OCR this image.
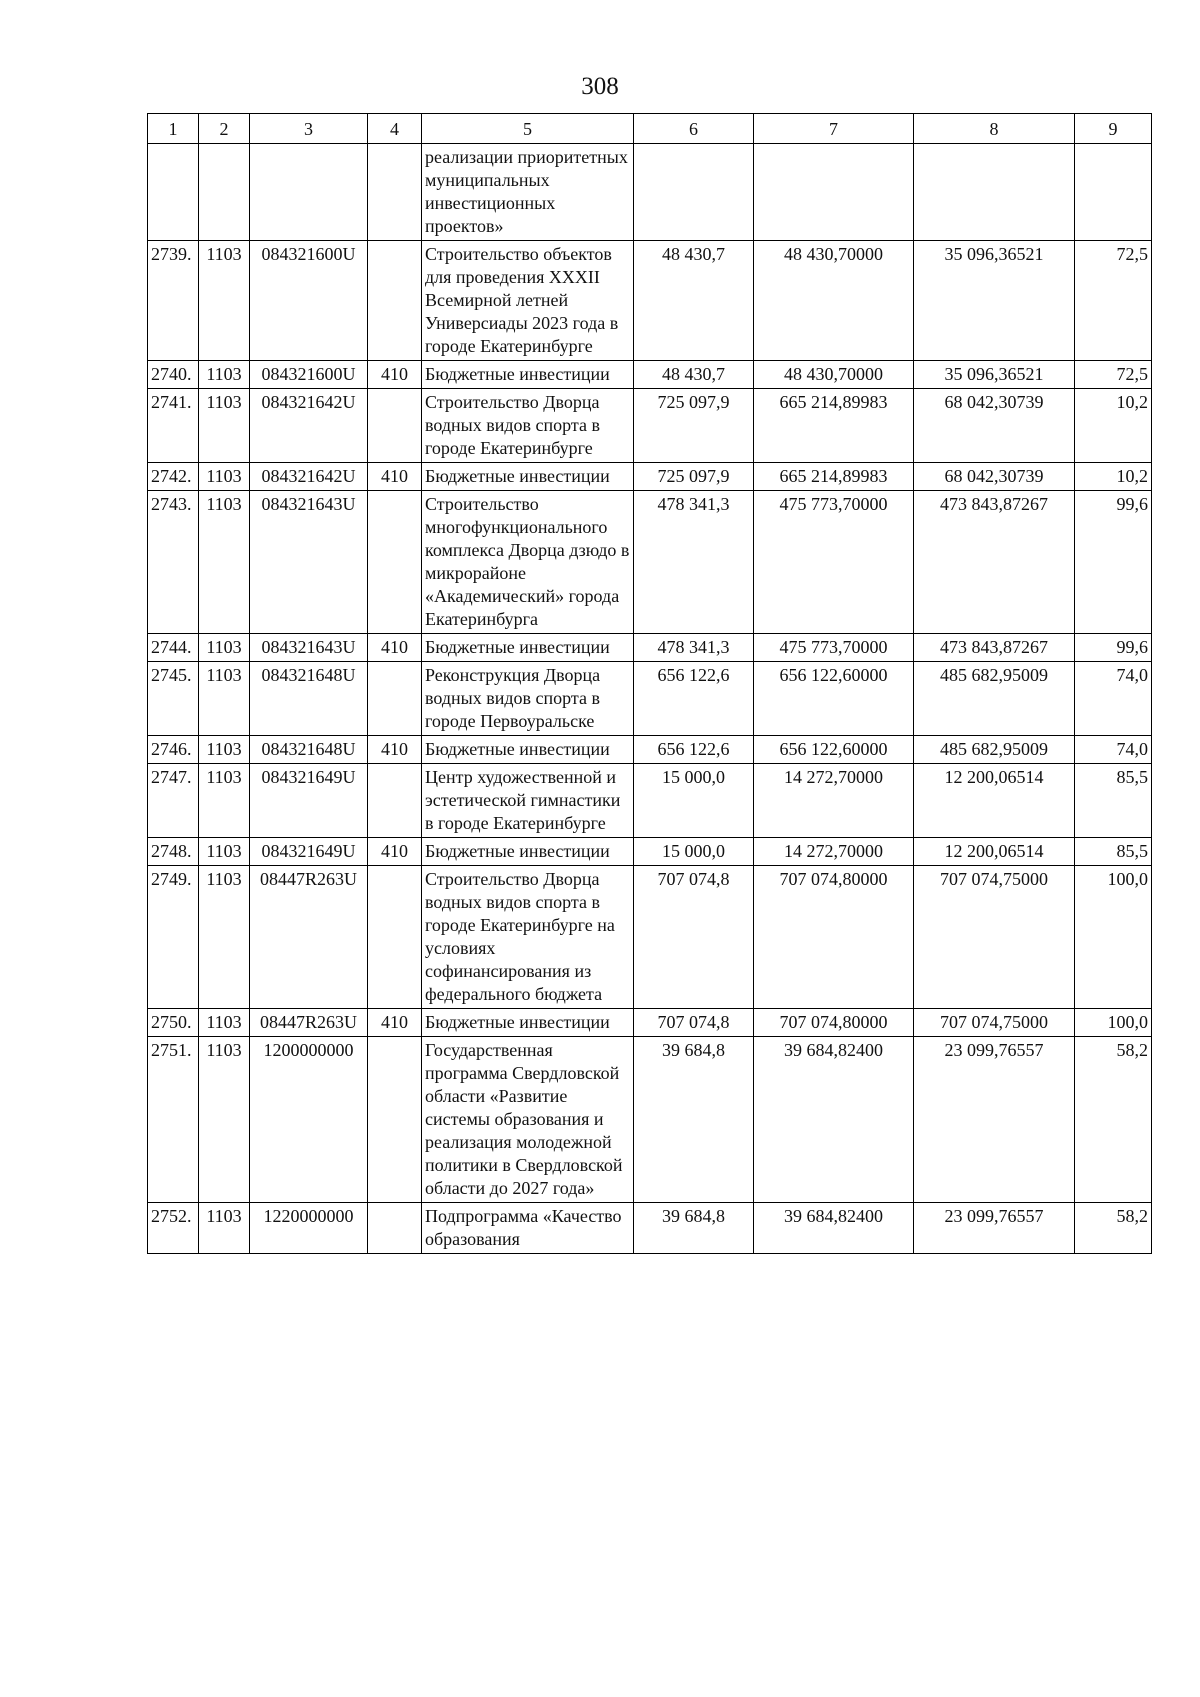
308
1	2	3	4	5	6	7	8	9
				реализации приоритетных муниципальных инвестиционных проектов»				
2739.	1103	084321600U		Строительство объектов для проведения XXXII Всемирной летней Универсиады 2023 года в городе Екатеринбурге	48 430,7	48 430,70000	35 096,36521	72,5
2740.	1103	084321600U	410	Бюджетные инвестиции	48 430,7	48 430,70000	35 096,36521	72,5
2741.	1103	084321642U		Строительство Дворца водных видов спорта в городе Екатеринбурге	725 097,9	665 214,89983	68 042,30739	10,2
2742.	1103	084321642U	410	Бюджетные инвестиции	725 097,9	665 214,89983	68 042,30739	10,2
2743.	1103	084321643U		Строительство многофункционального комплекса Дворца дзюдо в микрорайоне «Академический» города Екатеринбурга	478 341,3	475 773,70000	473 843,87267	99,6
2744.	1103	084321643U	410	Бюджетные инвестиции	478 341,3	475 773,70000	473 843,87267	99,6
2745.	1103	084321648U		Реконструкция Дворца водных видов спорта в городе Первоуральске	656 122,6	656 122,60000	485 682,95009	74,0
2746.	1103	084321648U	410	Бюджетные инвестиции	656 122,6	656 122,60000	485 682,95009	74,0
2747.	1103	084321649U		Центр художественной и эстетической гимнастики в городе Екатеринбурге	15 000,0	14 272,70000	12 200,06514	85,5
2748.	1103	084321649U	410	Бюджетные инвестиции	15 000,0	14 272,70000	12 200,06514	85,5
2749.	1103	08447R263U		Строительство Дворца водных видов спорта в городе Екатеринбурге на условиях софинансирования из федерального бюджета	707 074,8	707 074,80000	707 074,75000	100,0
2750.	1103	08447R263U	410	Бюджетные инвестиции	707 074,8	707 074,80000	707 074,75000	100,0
2751.	1103	1200000000		Государственная программа Свердловской области «Развитие системы образования и реализация молодежной политики в Свердловской области до 2027 года»	39 684,8	39 684,82400	23 099,76557	58,2
2752.	1103	1220000000		Подпрограмма «Качество образования	39 684,8	39 684,82400	23 099,76557	58,2
